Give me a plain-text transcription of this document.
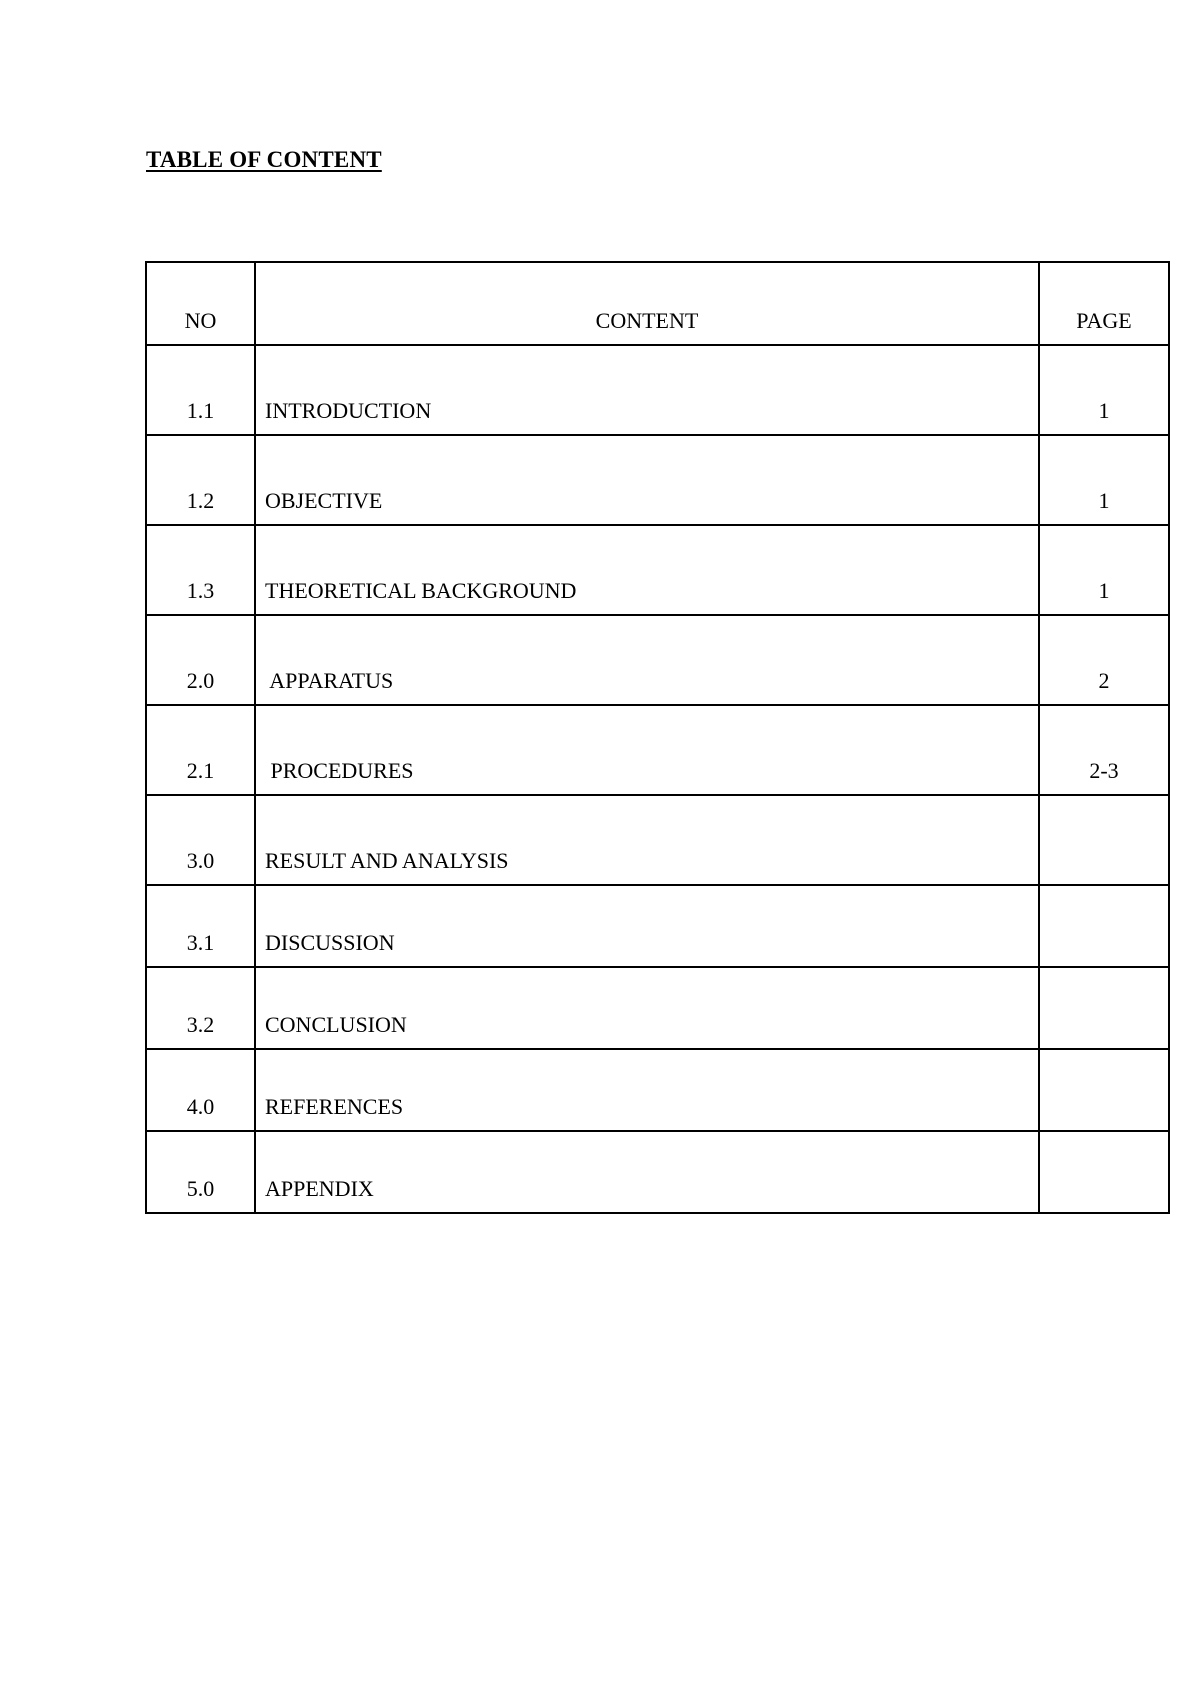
TABLE OF CONTENT
NO	CONTENT	PAGE
1.1	INTRODUCTION	1
1.2	OBJECTIVE	1
1.3	THEORETICAL BACKGROUND	1
2.0	APPARATUS	2
2.1	PROCEDURES	2-3
3.0	RESULT AND ANALYSIS	
3.1	DISCUSSION	
3.2	CONCLUSION	
4.0	REFERENCES	
5.0	APPENDIX	
